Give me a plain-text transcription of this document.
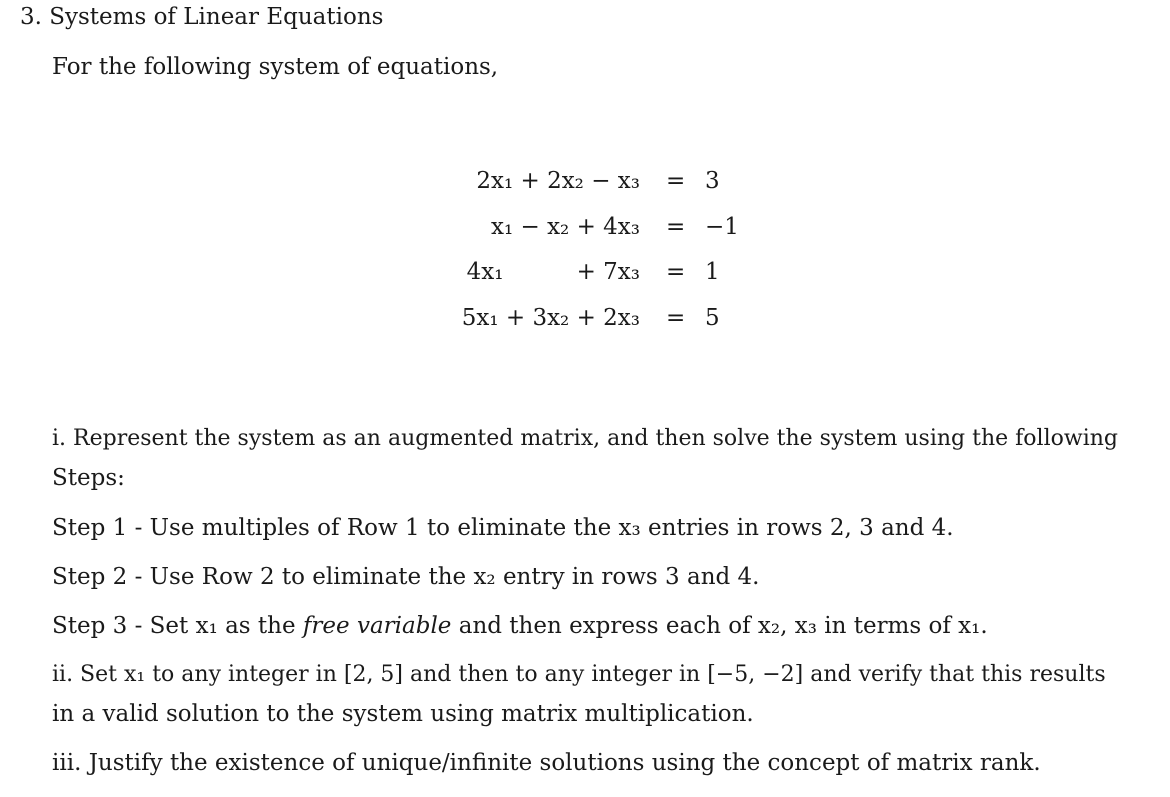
3. Systems of Linear Equations
For the following system of equations,
2x₁ + 2x₂ − x₃ = 3
x₁ − x₂ + 4x₃ = −1
4x₁          + 7x₃ = 1
5x₁ + 3x₂ + 2x₃ = 5
i. Represent the system as an augmented matrix, and then solve the system using the following
Steps:
Step 1 - Use multiples of Row 1 to eliminate the x₃ entries in rows 2, 3 and 4.
Step 2 - Use Row 2 to eliminate the x₂ entry in rows 3 and 4.
Step 3 - Set x₁ as the free variable and then express each of x₂, x₃ in terms of x₁.
ii. Set x₁ to any integer in [2, 5] and then to any integer in [−5, −2] and verify that this results
in a valid solution to the system using matrix multiplication.
iii. Justify the existence of unique/infinite solutions using the concept of matrix rank.
